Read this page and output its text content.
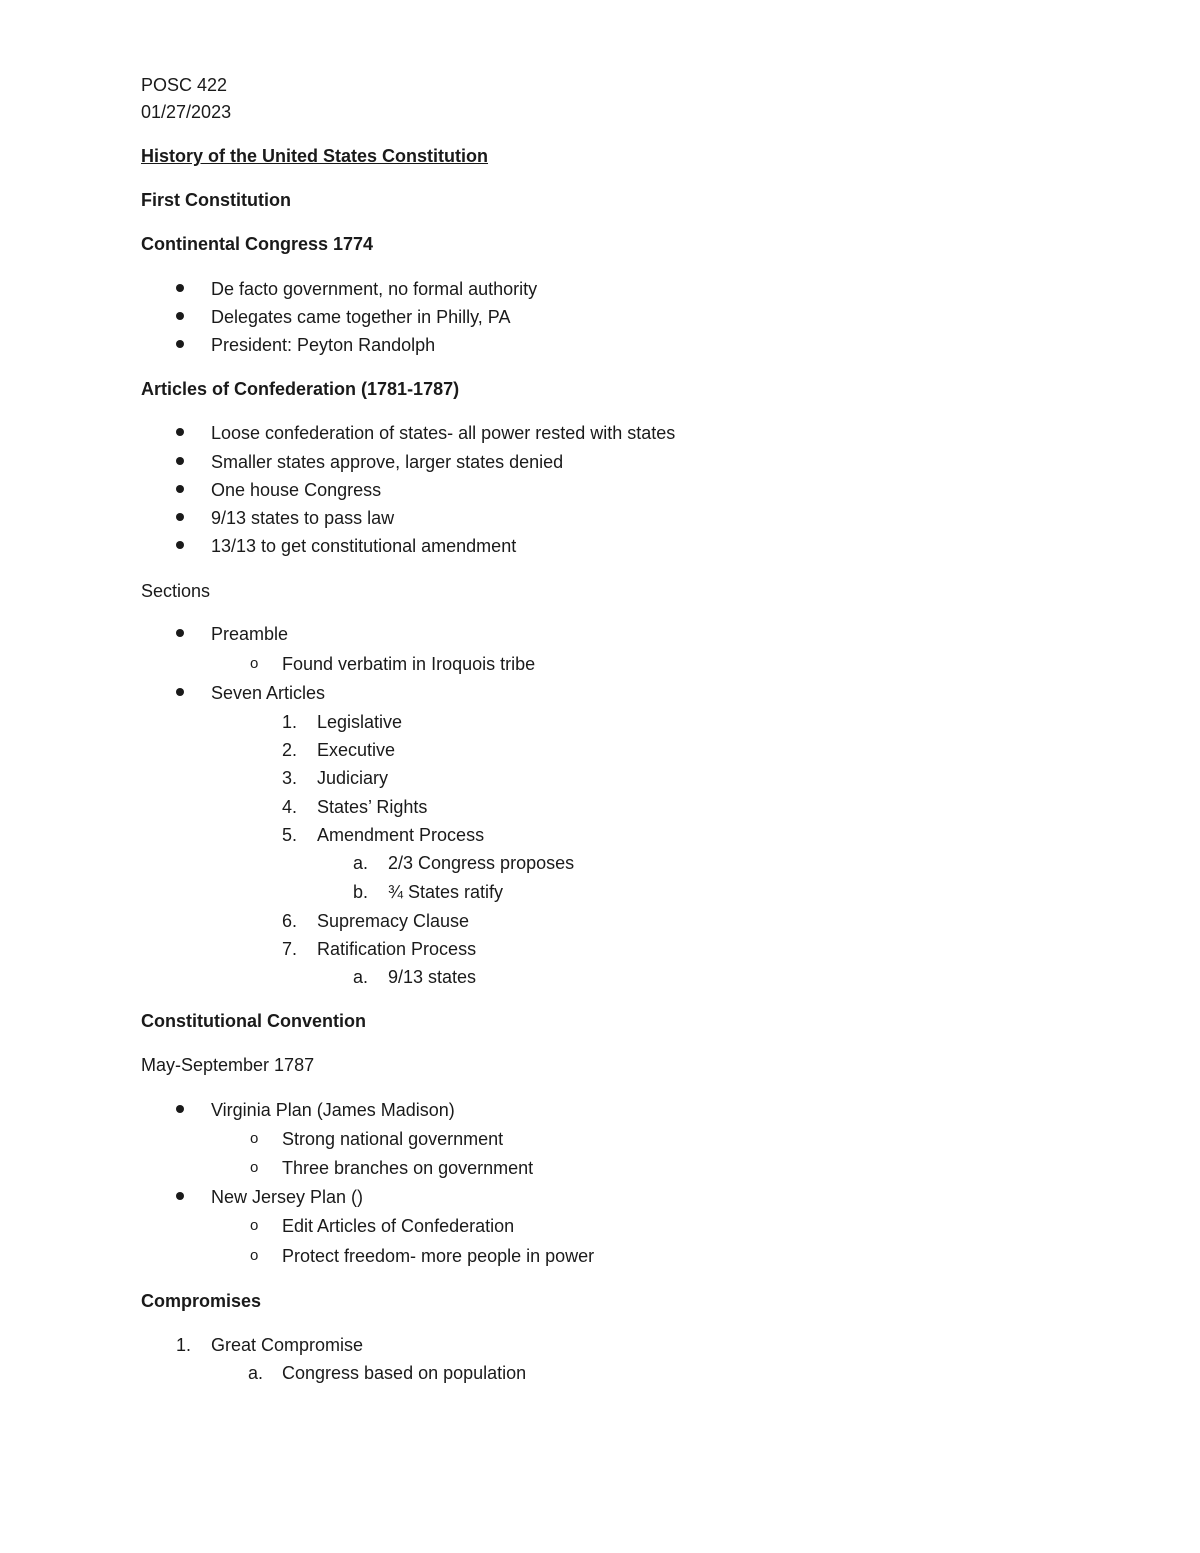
POSC 422

01/27/2023

History of the United States Constitution

First Constitution

Continental Congress 1774

De facto government, no formal authority

Delegates came together in Philly, PA

President: Peyton Randolph

Articles of Confederation (1781-1787)

Loose confederation of states- all power rested with states

Smaller states approve, larger states denied

One house Congress

9/13 states to pass law

13/13 to get constitutional amendment

Sections

Preamble

o Found verbatim in Iroquois tribe

Seven Articles

1. Legislative

2. Executive

3. Judiciary

4. States’ Rights

5. Amendment Process

a. 2/3 Congress proposes

b. ¾ States ratify

6. Supremacy Clause

7. Ratification Process

a. 9/13 states

Constitutional Convention

May-September 1787

Virginia Plan (James Madison)

o Strong national government

o Three branches on government

New Jersey Plan ()

o Edit Articles of Confederation

o Protect freedom- more people in power

Compromises

1. Great Compromise

a. Congress based on population
